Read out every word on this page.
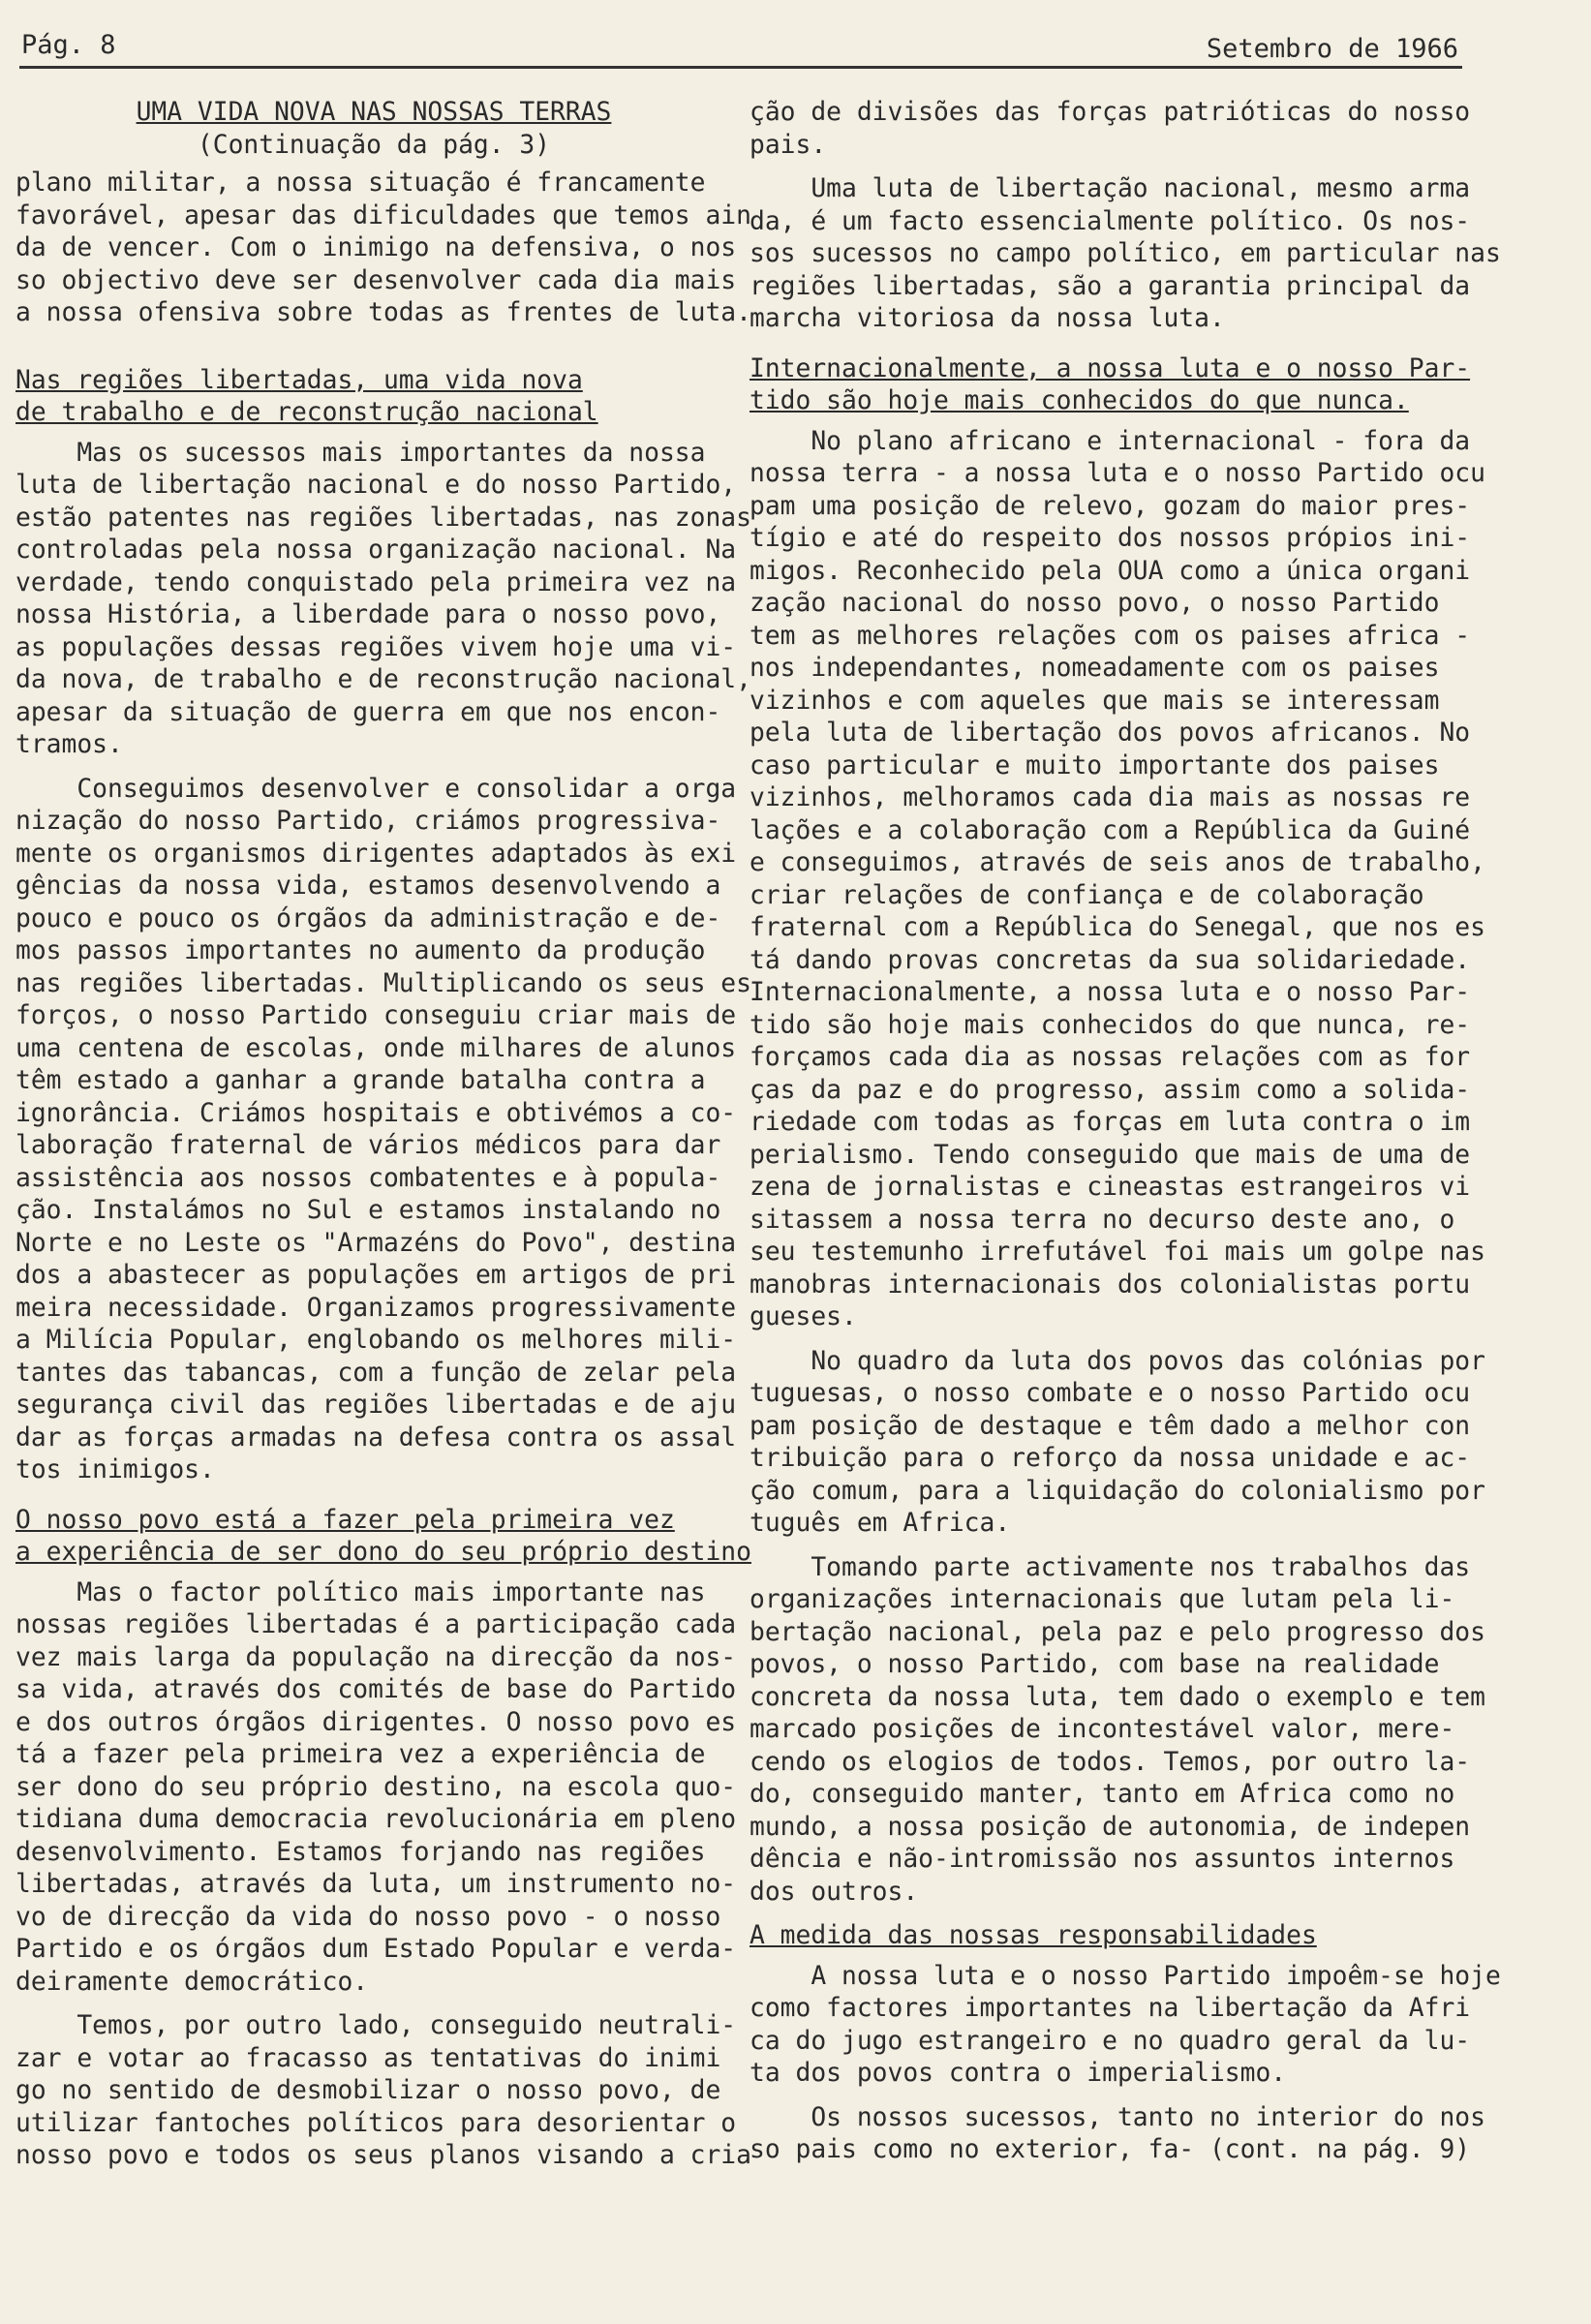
Pág. 8	Setembro de 1966
UMA VIDA NOVA NAS NOSSAS TERRAS
(Continuação da pág. 3)
plano militar, a nossa situação é francamente
favorável, apesar das dificuldades que temos ain
da de vencer. Com o inimigo na defensiva, o nos
so objectivo deve ser desenvolver cada dia mais
a nossa ofensiva sobre todas as frentes de luta.
Nas regiões libertadas, uma vida nova
de trabalho e de reconstrução nacional
Mas os sucessos mais importantes da nossa
luta de libertação nacional e do nosso Partido,
estão patentes nas regiões libertadas, nas zonas
controladas pela nossa organização nacional. Na
verdade, tendo conquistado pela primeira vez na
nossa História, a liberdade para o nosso povo,
as populações dessas regiões vivem hoje uma vi-
da nova, de trabalho e de reconstrução nacional,
apesar da situação de guerra em que nos encon-
tramos.
Conseguimos desenvolver e consolidar a orga
nização do nosso Partido, criámos progressiva-
mente os organismos dirigentes adaptados às exi
gências da nossa vida, estamos desenvolvendo a
pouco e pouco os órgãos da administração e de-
mos passos importantes no aumento da produção
nas regiões libertadas. Multiplicando os seus es
forços, o nosso Partido conseguiu criar mais de
uma centena de escolas, onde milhares de alunos
têm estado a ganhar a grande batalha contra a
ignorância. Criámos hospitais e obtivémos a co-
laboração fraternal de vários médicos para dar
assistência aos nossos combatentes e à popula-
ção. Instalámos no Sul e estamos instalando no
Norte e no Leste os "Armazéns do Povo", destina
dos a abastecer as populações em artigos de pri
meira necessidade. Organizamos progressivamente
a Milícia Popular, englobando os melhores mili-
tantes das tabancas, com a função de zelar pela
segurança civil das regiões libertadas e de aju
dar as forças armadas na defesa contra os assal
tos inimigos.
O nosso povo está a fazer pela primeira vez
a experiência de ser dono do seu próprio destino
Mas o factor político mais importante nas
nossas regiões libertadas é a participação cada
vez mais larga da população na direcção da nos-
sa vida, através dos comités de base do Partido
e dos outros órgãos dirigentes. O nosso povo es
tá a fazer pela primeira vez a experiência de
ser dono do seu próprio destino, na escola quo-
tidiana duma democracia revolucionária em pleno
desenvolvimento. Estamos forjando nas regiões
libertadas, através da luta, um instrumento no-
vo de direcção da vida do nosso povo - o nosso
Partido e os órgãos dum Estado Popular e verda-
deiramente democrático.
Temos, por outro lado, conseguido neutrali-
zar e votar ao fracasso as tentativas do inimi
go no sentido de desmobilizar o nosso povo, de
utilizar fantoches políticos para desorientar o
nosso povo e todos os seus planos visando a cria
ção de divisões das forças patrióticas do nosso
pais.
Uma luta de libertação nacional, mesmo arma
da, é um facto essencialmente político. Os nos-
sos sucessos no campo político, em particular nas
regiões libertadas, são a garantia principal da
marcha vitoriosa da nossa luta.
Internacionalmente, a nossa luta e o nosso Par-
tido são hoje mais conhecidos do que nunca.
No plano africano e internacional - fora da
nossa terra - a nossa luta e o nosso Partido ocu
pam uma posição de relevo, gozam do maior pres-
tígio e até do respeito dos nossos própios ini-
migos. Reconhecido pela OUA como a única organi
zação nacional do nosso povo, o nosso Partido
tem as melhores relações com os paises africa -
nos independantes, nomeadamente com os paises
vizinhos e com aqueles que mais se interessam
pela luta de libertação dos povos africanos. No
caso particular e muito importante dos paises
vizinhos, melhoramos cada dia mais as nossas re
lações e a colaboração com a República da Guiné
e conseguimos, através de seis anos de trabalho,
criar relações de confiança e de colaboração
fraternal com a República do Senegal, que nos es
tá dando provas concretas da sua solidariedade.
Internacionalmente, a nossa luta e o nosso Par-
tido são hoje mais conhecidos do que nunca, re-
forçamos cada dia as nossas relações com as for
ças da paz e do progresso, assim como a solida-
riedade com todas as forças em luta contra o im
perialismo. Tendo conseguido que mais de uma de
zena de jornalistas e cineastas estrangeiros vi
sitassem a nossa terra no decurso deste ano, o
seu testemunho irrefutável foi mais um golpe nas
manobras internacionais dos colonialistas portu
gueses.
No quadro da luta dos povos das colónias por
tuguesas, o nosso combate e o nosso Partido ocu
pam posição de destaque e têm dado a melhor con
tribuição para o reforço da nossa unidade e ac-
ção comum, para a liquidação do colonialismo por
tuguês em Africa.
Tomando parte activamente nos trabalhos das
organizações internacionais que lutam pela li-
bertação nacional, pela paz e pelo progresso dos
povos, o nosso Partido, com base na realidade
concreta da nossa luta, tem dado o exemplo e tem
marcado posições de incontestável valor, mere-
cendo os elogios de todos. Temos, por outro la-
do, conseguido manter, tanto em Africa como no
mundo, a nossa posição de autonomia, de indepen
dência e não-intromissão nos assuntos internos
dos outros.
A medida das nossas responsabilidades
A nossa luta e o nosso Partido impoêm-se hoje
como factores importantes na libertação da Afri
ca do jugo estrangeiro e no quadro geral da lu-
ta dos povos contra o imperialismo.
Os nossos sucessos, tanto no interior do nos
so pais como no exterior, fa- (cont. na pág. 9)
